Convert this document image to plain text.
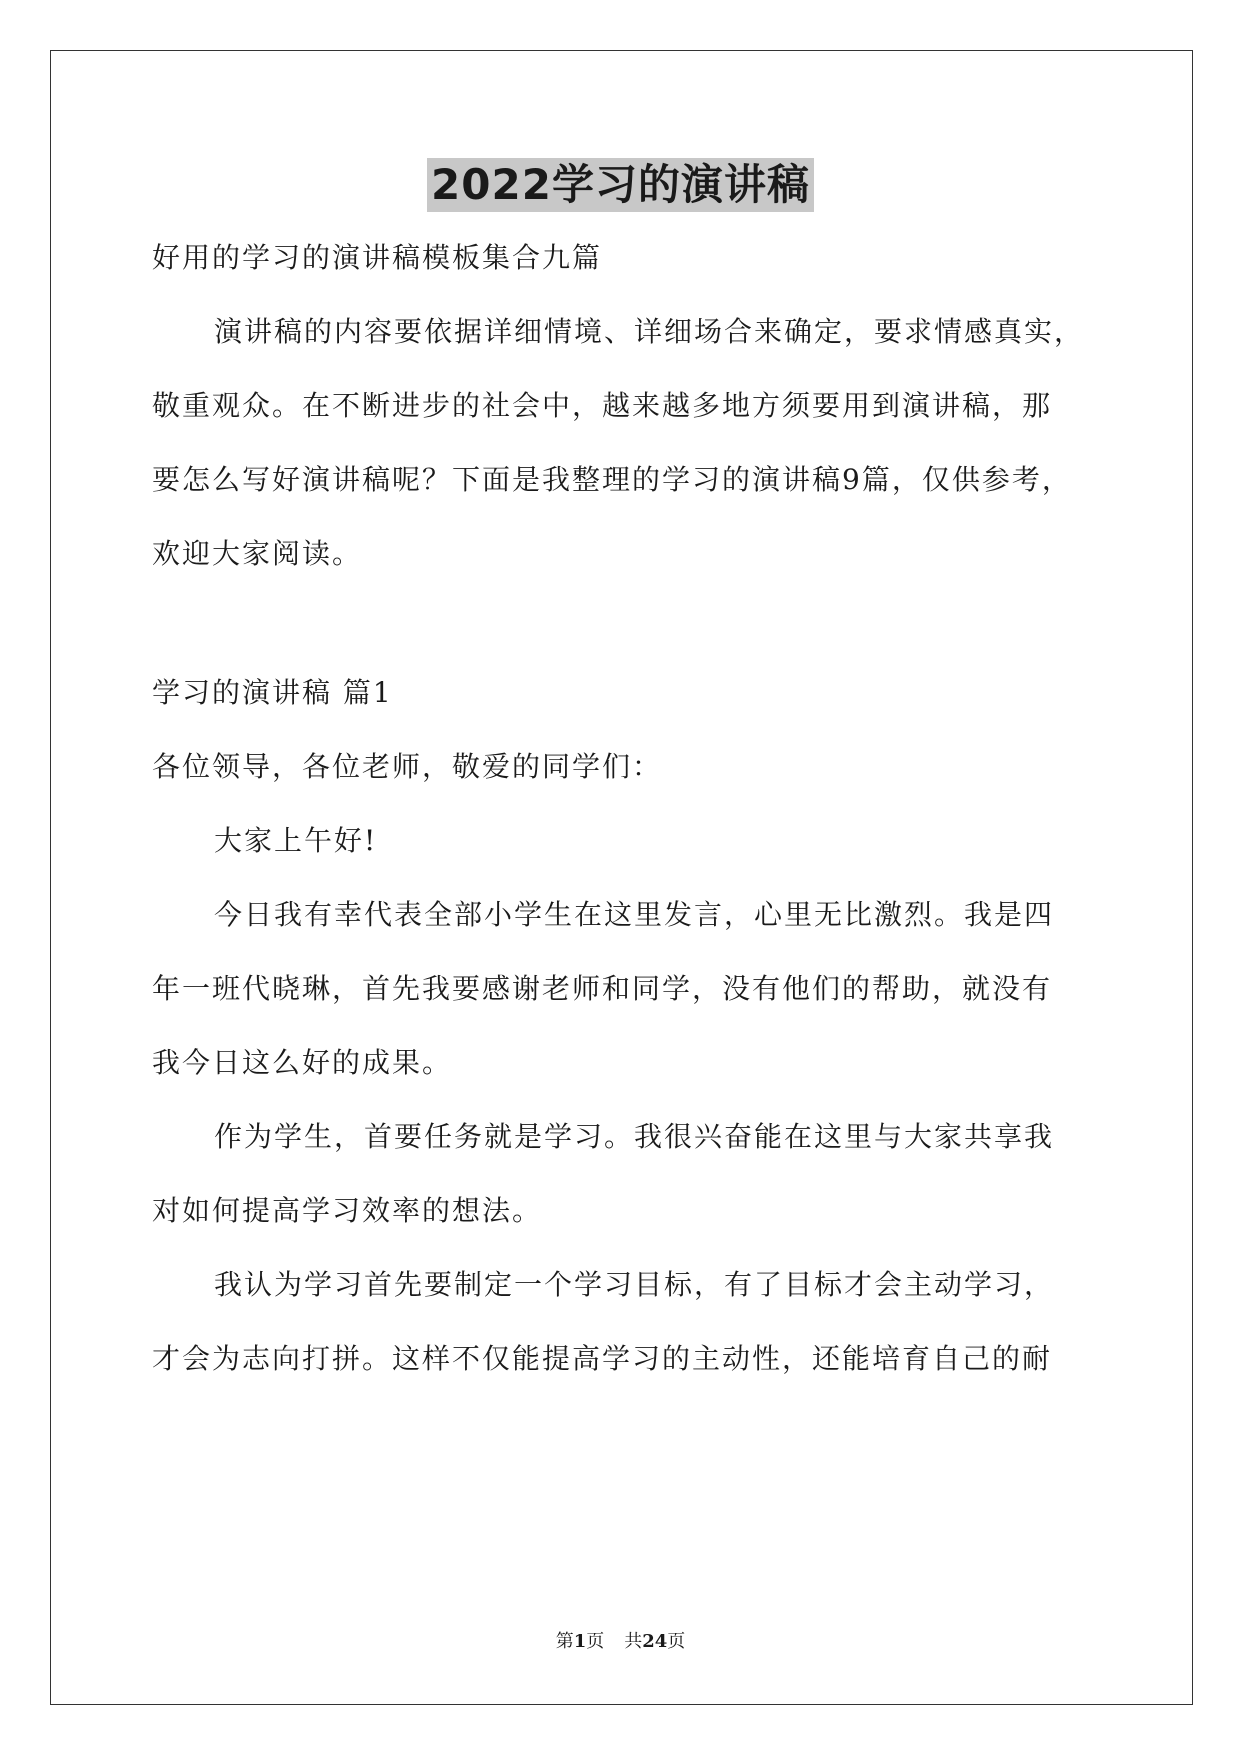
2022学习的演讲稿
好用的学习的演讲稿模板集合九篇
演讲稿的内容要依据详细情境、详细场合来确定，要求情感真实，
敬重观众。在不断进步的社会中，越来越多地方须要用到演讲稿，那
要怎么写好演讲稿呢？下面是我整理的学习的演讲稿9篇，仅供参考，
欢迎大家阅读。
学习的演讲稿 篇1
各位领导，各位老师，敬爱的同学们：
大家上午好!
今日我有幸代表全部小学生在这里发言，心里无比激烈。我是四
年一班代晓琳，首先我要感谢老师和同学，没有他们的帮助，就没有
我今日这么好的成果。
作为学生，首要任务就是学习。我很兴奋能在这里与大家共享我
对如何提高学习效率的想法。
我认为学习首先要制定一个学习目标，有了目标才会主动学习，
才会为志向打拼。这样不仅能提高学习的主动性，还能培育自己的耐
第1页 共24页
